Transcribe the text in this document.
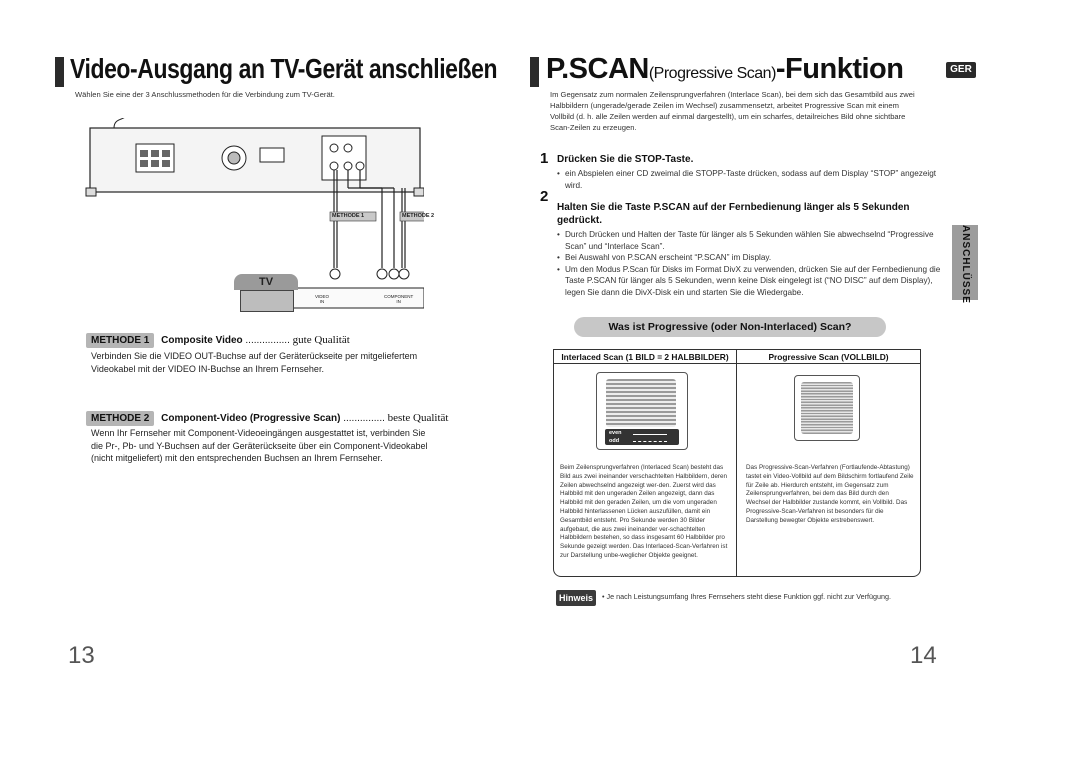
Video-Ausgang an TV-Gerät anschließen
Wählen Sie eine der 3 Anschlussmethoden für die Verbindung zum TV-Gerät.
METHODE 1	METHODE 2
TV
VIDEO
IN
COMPONENT
IN
METHODE 1 Composite Video ................ gute Qualität
Verbinden Sie die VIDEO OUT-Buchse auf der Geräterückseite per mitgeliefertem Videokabel mit der VIDEO IN-Buchse an Ihrem Fernseher.
METHODE 2 Component-Video (Progressive Scan) ............... beste Qualität
Wenn Ihr Fernseher mit Component-Videoeingängen ausgestattet ist, verbinden Sie die Pr-, Pb- und Y-Buchsen auf der Geräterückseite über ein Component-Videokabel (nicht mitgeliefert) mit den entsprechenden Buchsen an Ihrem Fernseher.
13
P.SCAN(Progressive Scan)-Funktion	GER
Im Gegensatz zum normalen Zeilensprungverfahren (Interlace Scan), bei dem sich das Gesamtbild aus zwei Halbbildern (ungerade/gerade Zeilen im Wechsel) zusammensetzt, arbeitet Progressive Scan mit einem Vollbild (d. h. alle Zeilen werden auf einmal dargestellt), um ein scharfes, detailreiches Bild ohne sichtbare Scan-Zeilen zu erzeugen.
1 Drücken Sie die STOP-Taste.
• ein Abspielen einer CD zweimal die STOPP-Taste drücken, sodass auf dem Display “STOP” angezeigt wird.
2
Halten Sie die Taste P.SCAN auf der Fernbedienung länger als 5 Sekunden gedrückt.
• Durch Drücken und Halten der Taste für länger als 5 Sekunden wählen Sie abwechselnd “Progressive Scan” und “Interlace Scan”.
• Bei Auswahl von P.SCAN erscheint “P.SCAN” im Display.
• Um den Modus P.Scan für Disks im Format DivX zu verwenden, drücken Sie auf der Fernbedienung die Taste P.SCAN für länger als 5 Sekunden, wenn keine Disk eingelegt ist (“NO DISC” auf dem Display), legen Sie dann die DivX-Disk ein und starten Sie die Wiedergabe.	ANSCHLÜSSE
Was ist Progressive (oder Non-Interlaced) Scan?
Interlaced Scan (1 BILD = 2 HALBBILDER)	Progressive Scan (VOLLBILD)
even
odd
Beim Zeilensprungverfahren (Interlaced Scan) besteht das Bild aus zwei ineinander verschachtelten Halbbildern, deren Zeilen abwechselnd angezeigt wer-den. Zuerst wird das Halbbild mit den ungeraden Zeilen angezeigt, dann das Halbbild mit den geraden Zeilen, um die vom ungeraden Halbbild hinterlassenen Lücken auszufüllen, damit ein Gesamtbild entsteht. Pro Sekunde werden 30 Bilder aufgebaut, die aus zwei ineinander ver-schachtelten Halbbildern bestehen, so dass insgesamt 60 Halbbilder pro Sekunde gezeigt werden. Das Interlaced-Scan-Verfahren ist zur Darstellung unbe-weglicher Objekte geeignet.
Das Progressive-Scan-Verfahren (Fortlaufende-Abtastung) tastet ein Video-Vollbild auf dem Bildschirm fortlaufend Zeile für Zeile ab. Hierdurch entsteht, im Gegensatz zum Zeilensprungverfahren, bei dem das Bild durch den Wechsel der Halbbilder zustande kommt, ein Vollbild. Das Progressive-Scan-Verfahren ist besonders für die Darstellung bewegter Objekte erstrebenswert.
Hinweis	• Je nach Leistungsumfang Ihres Fernsehers steht diese Funktion ggf. nicht zur Verfügung.
14
